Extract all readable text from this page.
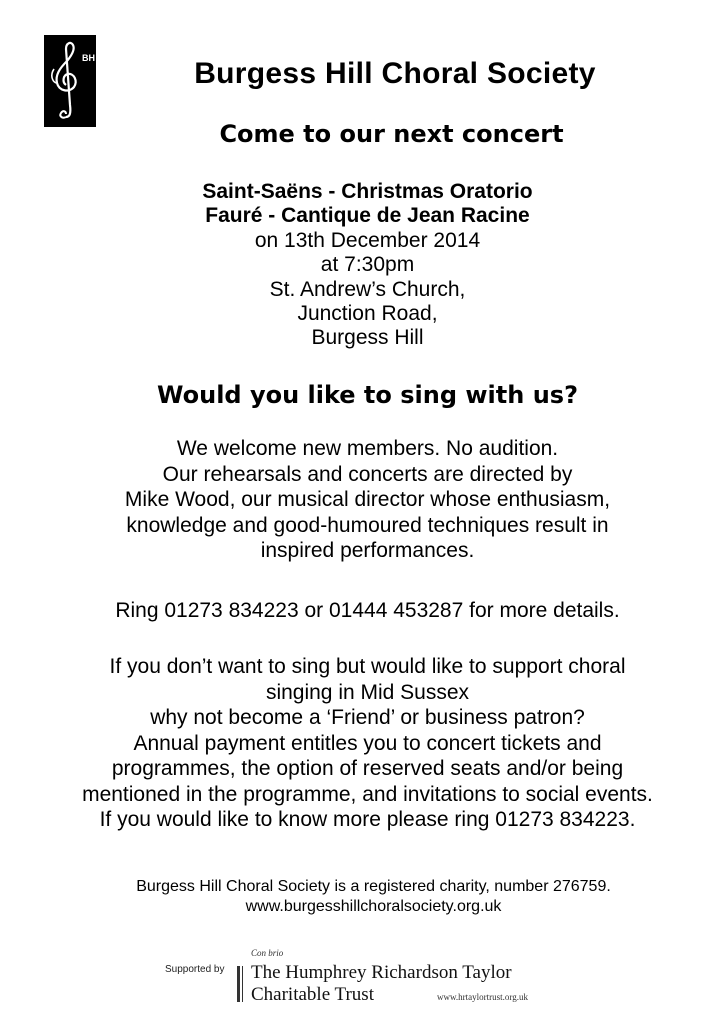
BH	Burgess Hill Choral Society
Come to our next concert
Saint-Saëns - Christmas Oratorio
Fauré - Cantique de Jean Racine
on 13th December 2014
at 7:30pm
St. Andrew’s Church,
Junction Road,
Burgess Hill
Would you like to sing with us?
We welcome new members. No audition.
Our rehearsals and concerts are directed by
Mike Wood, our musical director whose enthusiasm,
knowledge and good-humoured techniques result in
inspired performances.
Ring 01273 834223 or 01444 453287 for more details.
If you don’t want to sing but would like to support choral
singing in Mid Sussex
why not become a ‘Friend’ or business patron?
Annual payment entitles you to concert tickets and
programmes, the option of reserved seats and/or being
mentioned in the programme, and invitations to social events.
If you would like to know more please ring 01273 834223.
Burgess Hill Choral Society is a registered charity, number 276759.
www.burgesshillchoralsociety.org.uk
Supported by
Con brio
The Humphrey Richardson Taylor
Charitable Trust	www.hrtaylortrust.org.uk
